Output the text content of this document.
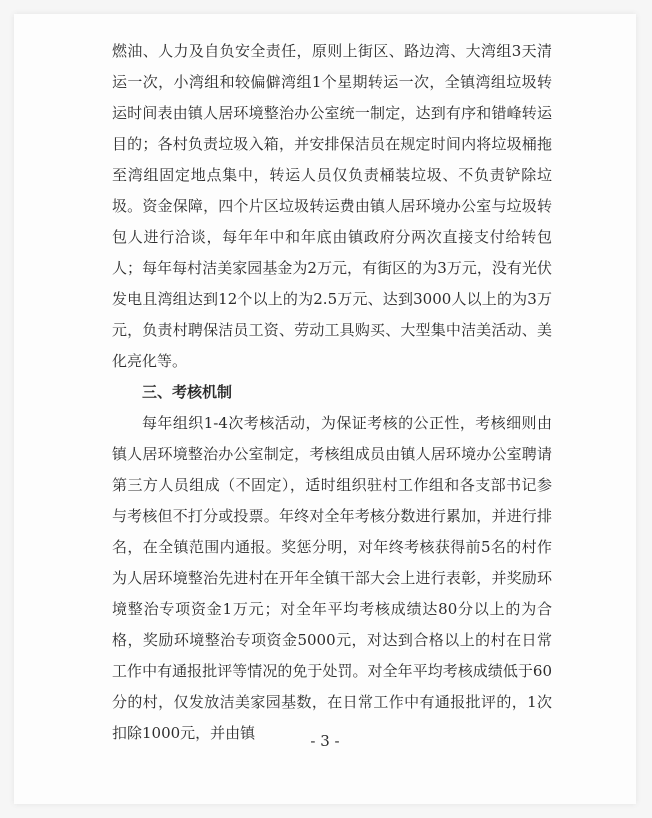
燃油、人力及自负安全责任，原则上街区、路边湾、大湾组3天清运一次，小湾组和较偏僻湾组1个星期转运一次，全镇湾组垃圾转运时间表由镇人居环境整治办公室统一制定，达到有序和错峰转运目的；各村负责垃圾入箱，并安排保洁员在规定时间内将垃圾桶拖至湾组固定地点集中，转运人员仅负责桶装垃圾、不负责铲除垃圾。资金保障，四个片区垃圾转运费由镇人居环境办公室与垃圾转包人进行洽谈，每年年中和年底由镇政府分两次直接支付给转包人；每年每村洁美家园基金为2万元，有街区的为3万元，没有光伏发电且湾组达到12个以上的为2.5万元、达到3000人以上的为3万元，负责村聘保洁员工资、劳动工具购买、大型集中洁美活动、美化亮化等。

三、考核机制

每年组织1-4次考核活动，为保证考核的公正性，考核细则由镇人居环境整治办公室制定，考核组成员由镇人居环境办公室聘请第三方人员组成（不固定），适时组织驻村工作组和各支部书记参与考核但不打分或投票。年终对全年考核分数进行累加，并进行排名，在全镇范围内通报。奖惩分明，对年终考核获得前5名的村作为人居环境整治先进村在开年全镇干部大会上进行表彰，并奖励环境整治专项资金1万元；对全年平均考核成绩达80分以上的为合格，奖励环境整治专项资金5000元，对达到合格以上的村在日常工作中有通报批评等情况的免于处罚。对全年平均考核成绩低于60分的村，仅发放洁美家园基数，在日常工作中有通报批评的，1次扣除1000元，并由镇	- 3 -
